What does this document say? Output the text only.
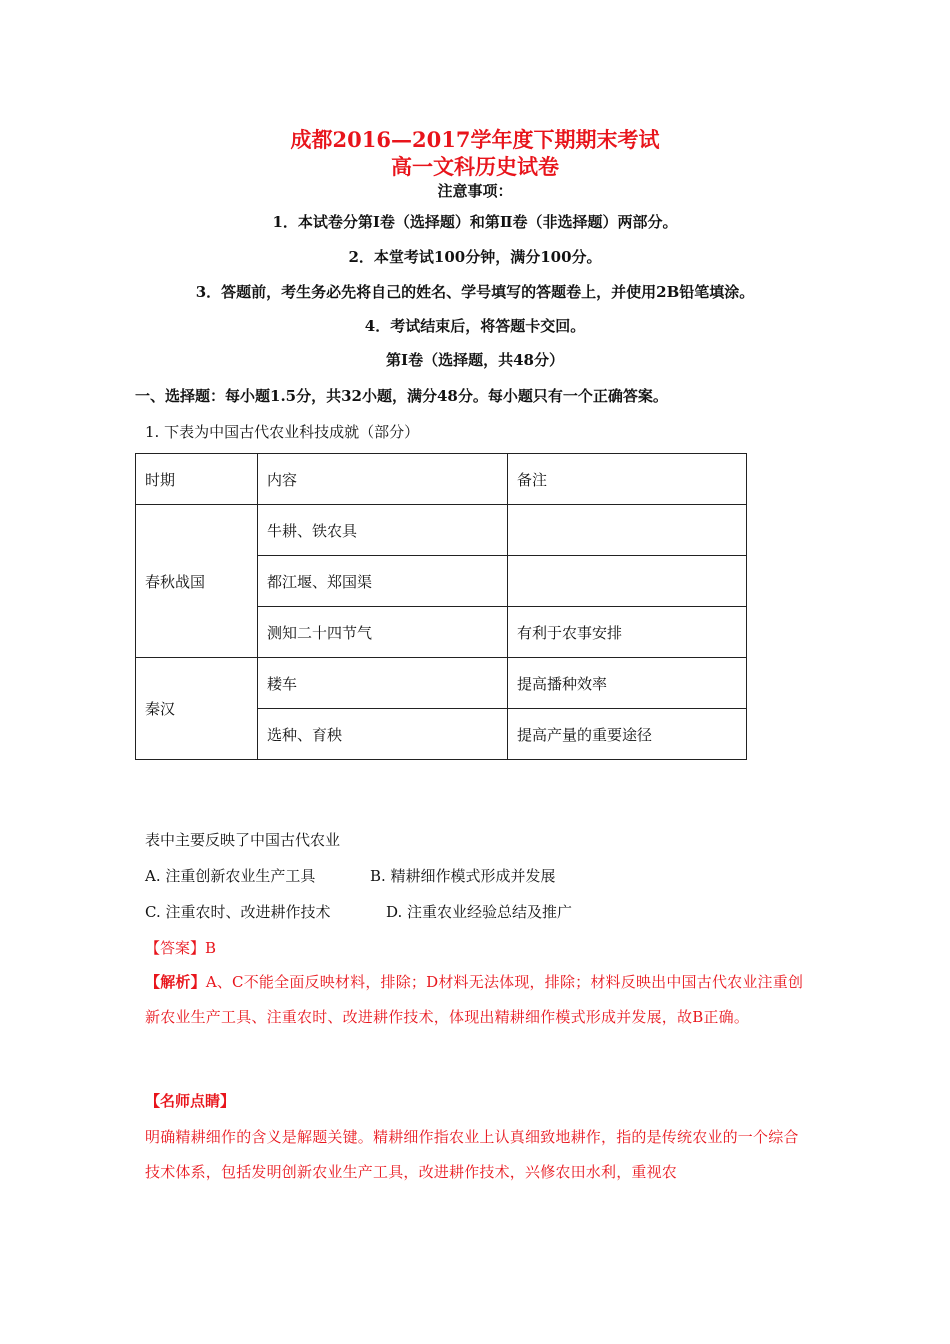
成都2016—2017学年度下期期末考试
高一文科历史试卷
注意事项：
1．本试卷分第Ⅰ卷（选择题）和第Ⅱ卷（非选择题）两部分。
2．本堂考试100分钟，满分100分。
3．答题前，考生务必先将自己的姓名、学号填写的答题卷上，并使用2B铅笔填涂。
4．考试结束后，将答题卡交回。
第Ⅰ卷（选择题，共48分）
一、选择题：每小题1.5分，共32小题，满分48分。每小题只有一个正确答案。
1. 下表为中国古代农业科技成就（部分）
时期	内容	备注
春秋战国	牛耕、铁农具	
	都江堰、郑国渠	
	测知二十四节气	有利于农事安排
秦汉	耧车	提高播种效率
	选种、育秧	提高产量的重要途径
表中主要反映了中国古代农业
A. 注重创新农业生产工具	B. 精耕细作模式形成并发展
C. 注重农时、改进耕作技术	D. 注重农业经验总结及推广
【答案】B
【解析】A、C不能全面反映材料，排除；D材料无法体现，排除；材料反映出中国古代农业注重创新农业生产工具、注重农时、改进耕作技术，体现出精耕细作模式形成并发展，故B正确。
【名师点睛】
明确精耕细作的含义是解题关键。精耕细作指农业上认真细致地耕作，指的是传统农业的一个综合技术体系，包括发明创新农业生产工具，改进耕作技术，兴修农田水利，重视农
